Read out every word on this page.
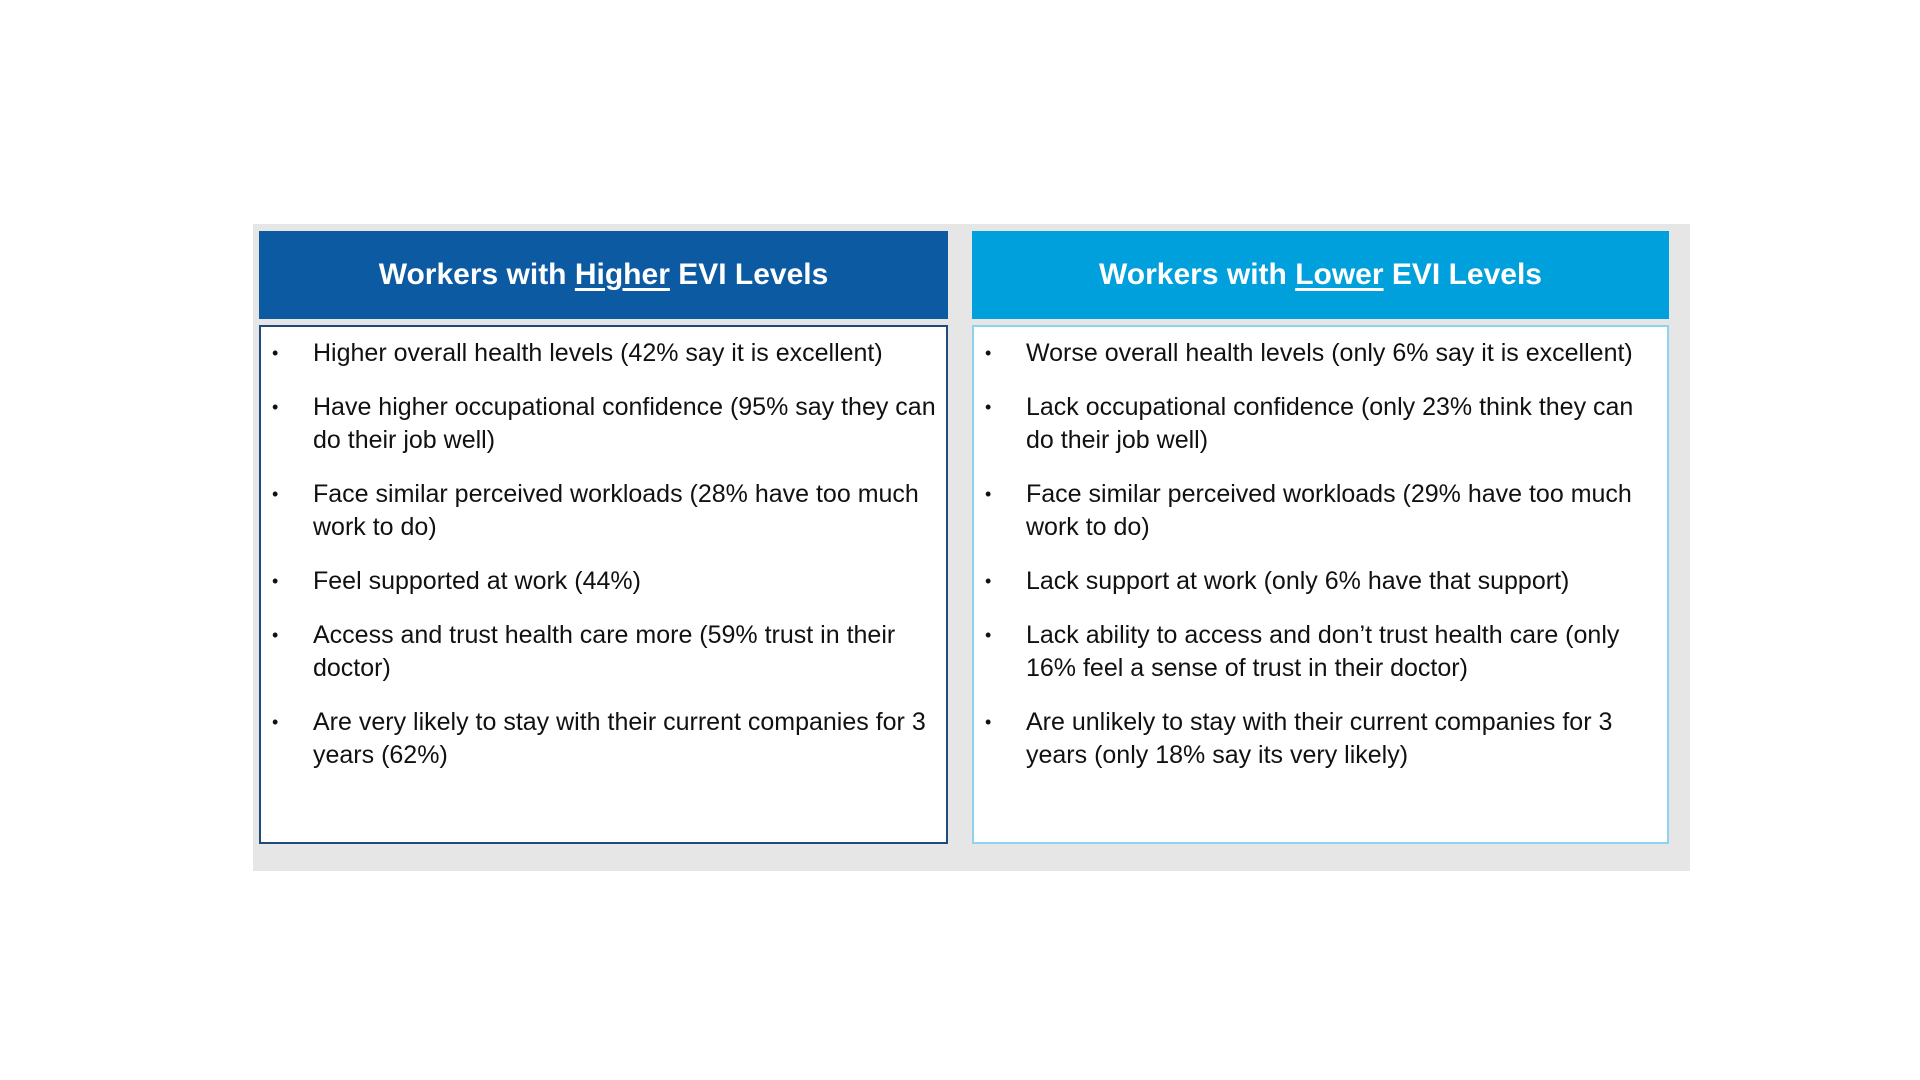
Workers with Higher EVI Levels
• Higher overall health levels (42% say it is excellent)
• Have higher occupational confidence (95% say they can do their job well)
• Face similar perceived workloads (28% have too much work to do)
• Feel supported at work (44%)
• Access and trust health care more (59% trust in their doctor)
• Are very likely to stay with their current companies for 3 years (62%)
Workers with Lower EVI Levels
• Worse overall health levels (only 6% say it is excellent)
• Lack occupational confidence (only 23% think they can do their job well)
• Face similar perceived workloads (29% have too much work to do)
• Lack support at work (only 6% have that support)
• Lack ability to access and don’t trust health care (only 16% feel a sense of trust in their doctor)
• Are unlikely to stay with their current companies for 3 years (only 18% say its very likely)
